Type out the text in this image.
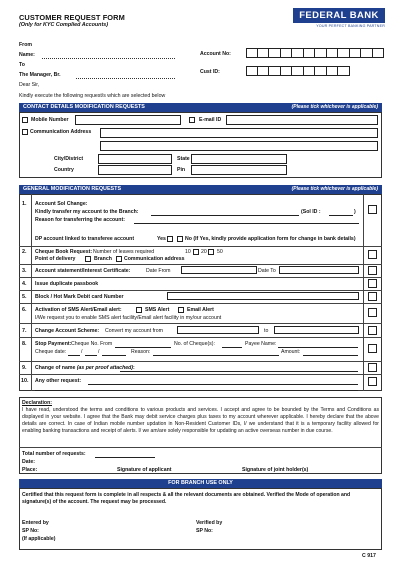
CUSTOMER REQUEST FORM
(Only for KYC Complied Accounts)
FEDERAL BANK
YOUR PERFECT BANKING PARTNER
From
Name:
To
The Manager, Br.
Dear Sir,
Kindly execute the following request/s which are selected below
Account No:
Cust ID:
CONTACT DETAILS MODIFICATION REQUESTS	(Please tick whichever is applicable)
Mobile Number	E-mail ID
Communication Address
City/District	State
Country	Pin
GENERAL MODIFICATION REQUESTS	(Please tick whichever is applicable)
1. Account Sol Change:
Kindly transfer my account to the Branch:	(Sol ID :	)
Reason for transferring the account:
DP account linked to transferee account	Yes	No (If Yes, kindly provide application form for change in bank details)
2. Cheque Book Request: Number of leaves required	10 20 50
Point of delivery	Branch Communication address
3. Account statement/Interest Certificate:	Date From	Date To
4. Issue duplicate passbook
5. Block / Hot Mark Debit card Number
6. Activation of SMS Alert/Email alert:	SMS Alert	Email Alert
I/We request you to enable SMS alert facility/Email alert facility in my/our account
7. Change Account Scheme: Convert my account from	to
8. Stop Payment: Cheque No. From	No. of Cheque(s):	Payee Name:
Cheque date:	/	/	Reason:	Amount:
9. Change of name (as per proof attached):
10. Any other request:
Declaration:
I have read, understood the terms and conditions to various products and services. I accept and agree to be bounded by the Terms and Conditions as displayed in your website. I agree that the Bank may debit service charges plus taxes to my account wherever applicable. I hereby declare that the above details are correct. In case of Indian mobile number updation in Non-Resident Customer IDs, I/ we understand that it is a temporary facility allowed for enabling banking transactions and receipt of alerts. I/ we am/are solely responsible for updating an active overseas number in due course.
Total number of requests:
Date:
Place:	Signature of applicant	Signature of joint holder(s)
FOR BRANCH USE ONLY
Certified that this request form is complete in all respects & all the relevant documents are obtained. Verified the Mode of operation and signature(s) of the account. The request may be processed.
Entered by
SP No:
(If applicable)
Verified by
SP No:
C 917
